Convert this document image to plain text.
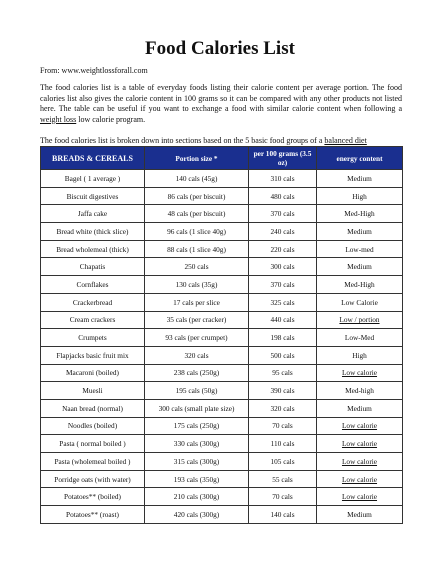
Food Calories List
From: www.weightlossforall.com

The food calories list is a table of everyday foods listing their calorie content per average portion. The food calories list also gives the calorie content in 100 grams so it can be compared with any other products not listed here. The table can be useful if you want to exchange a food with similar calorie content when following a weight loss low calorie program.

The food calories list is broken down into sections based on the 5 basic food groups of a balanced diet

BREADS & CEREALS	Portion size *	per 100 grams (3.5 oz)	energy content
Bagel ( 1 average )	140 cals (45g)	310 cals	Medium
Biscuit digestives	86 cals (per biscuit)	480 cals	High
Jaffa cake	48 cals (per biscuit)	370 cals	Med-High
Bread white (thick slice)	96 cals (1 slice 40g)	240 cals	Medium
Bread wholemeal (thick)	88 cals (1 slice 40g)	220 cals	Low-med
Chapatis	250 cals	300 cals	Medium
Cornflakes	130 cals (35g)	370 cals	Med-High
Crackerbread	17 cals per slice	325 cals	Low Calorie
Cream crackers	35 cals (per cracker)	440 cals	Low / portion
Crumpets	93 cals (per crumpet)	198 cals	Low-Med
Flapjacks basic fruit mix	320 cals	500 cals	High
Macaroni (boiled)	238 cals (250g)	95 cals	Low calorie
Muesli	195 cals (50g)	390 cals	Med-high
Naan bread (normal)	300 cals (small plate size)	320 cals	Medium
Noodles (boiled)	175 cals (250g)	70 cals	Low calorie
Pasta ( normal boiled )	330 cals (300g)	110 cals	Low calorie
Pasta (wholemeal boiled )	315 cals (300g)	105 cals	Low calorie
Porridge oats (with water)	193 cals (350g)	55 cals	Low calorie
Potatoes** (boiled)	210 cals (300g)	70 cals	Low calorie
Potatoes** (roast)	420 cals (300g)	140 cals	Medium
